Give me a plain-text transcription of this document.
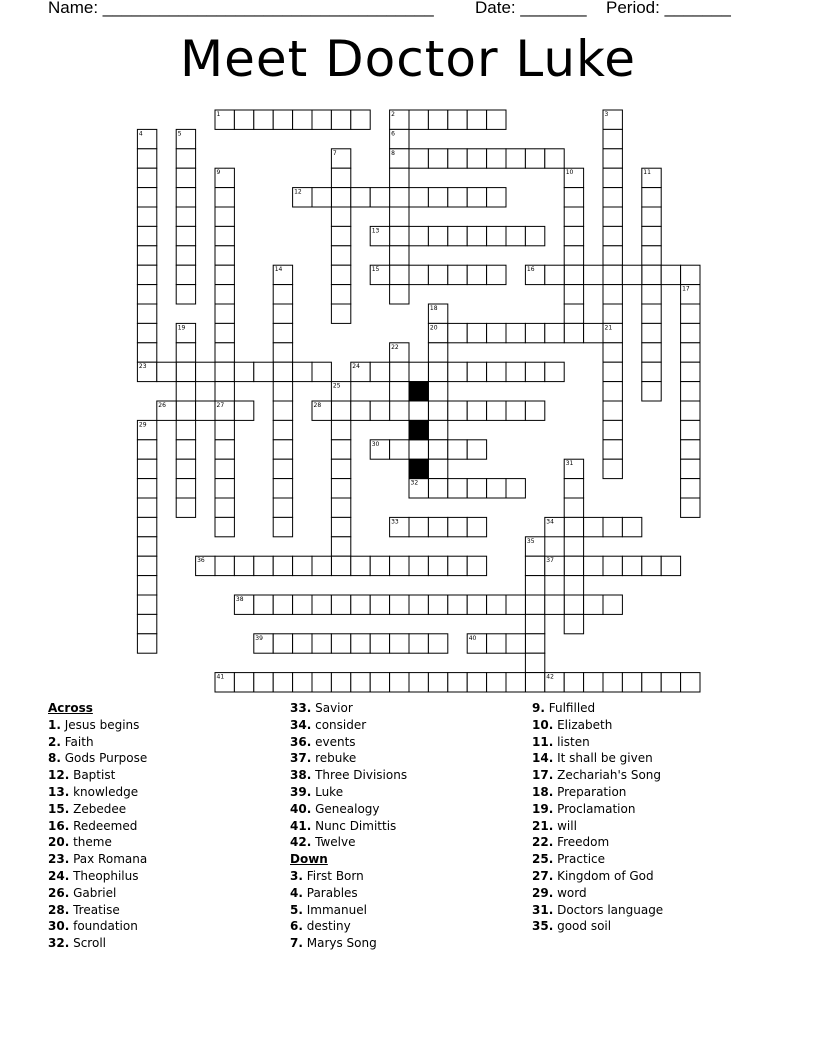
Name: ___________________________________ Date: _______ Period: _______
Meet Doctor Luke
1	2	3
4	5	6
7	8
9	10	11
12
13
14	15	16
17
18
19	20	21
22
23	24
25
26	27	28
29
30
31
32
33	34
35
36	37
38
39	40
41	42
Across
1. Jesus begins
2. Faith
8. Gods Purpose
12. Baptist
13. knowledge
15. Zebedee
16. Redeemed
20. theme
23. Pax Romana
24. Theophilus
26. Gabriel
28. Treatise
30. foundation
32. Scroll
33. Savior
34. consider
36. events
37. rebuke
38. Three Divisions
39. Luke
40. Genealogy
41. Nunc Dimittis
42. Twelve
Down
3. First Born
4. Parables
5. Immanuel
6. destiny
7. Marys Song
9. Fulfilled
10. Elizabeth
11. listen
14. It shall be given
17. Zechariah's Song
18. Preparation
19. Proclamation
21. will
22. Freedom
25. Practice
27. Kingdom of God
29. word
31. Doctors language
35. good soil
